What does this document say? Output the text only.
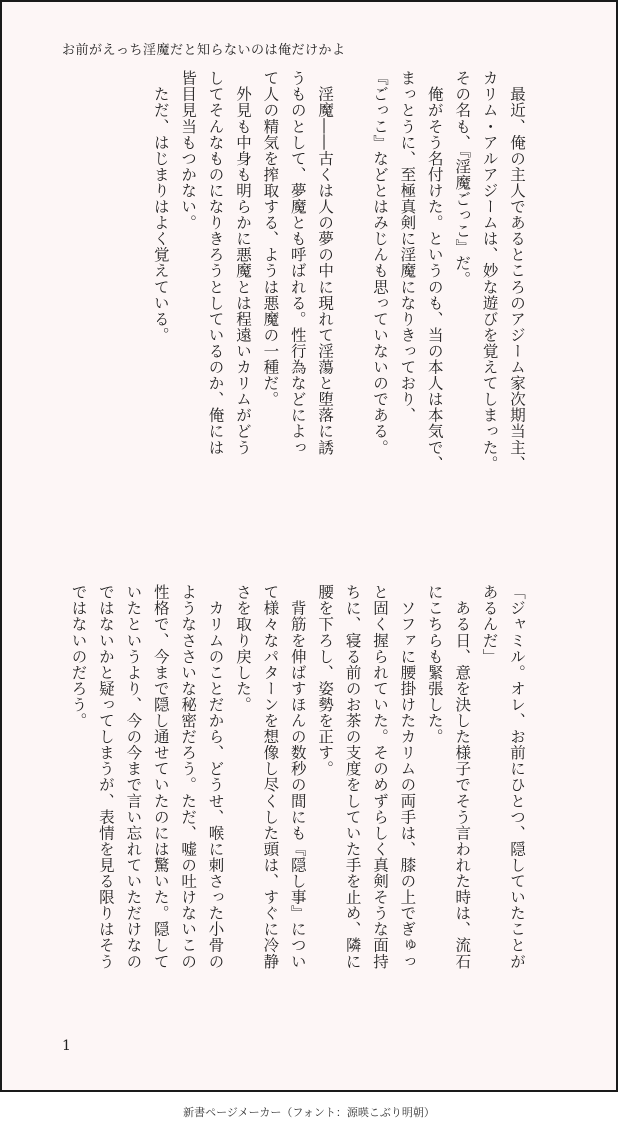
お前がえっち淫魔だと知らないのは俺だけかよ

　最近、俺の主人であるところのアジーム家次期当主、

カリム・アルアジームは、妙な遊びを覚えてしまった。

その名も、『淫魔ごっこ』だ。

　俺がそう名付けた。というのも、当の本人は本気で、

まっとうに、至極真剣に淫魔になりきっており、

『ごっこ』などとはみじんも思っていないのである。

　淫魔――古くは人の夢の中に現れて淫蕩と堕落に誘

うものとして、夢魔とも呼ばれる。性行為などによっ

て人の精気を搾取する、ようは悪魔の一種だ。

　外見も中身も明らかに悪魔とは程遠いカリムがどう

してそんなものになりきろうとしているのか、俺には

皆目見当もつかない。

　ただ、はじまりはよく覚えている。

「ジャミル。オレ、お前にひとつ、隠していたことが

あるんだ」

　ある日、意を決した様子でそう言われた時は、流石

にこちらも緊張した。

　ソファに腰掛けたカリムの両手は、膝の上でぎゅっ

と固く握られていた。そのめずらしく真剣そうな面持

ちに、寝る前のお茶の支度をしていた手を止め、隣に

腰を下ろし、姿勢を正す。

　背筋を伸ばすほんの数秒の間にも『隠し事』につい

て様々なパターンを想像し尽くした頭は、すぐに冷静

さを取り戻した。

　カリムのことだから、どうせ、喉に刺さった小骨の

ようなささいな秘密だろう。ただ、嘘の吐けないこの

性格で、今まで隠し通せていたのには驚いた。隠して

いたというより、今の今まで言い忘れていただけなの

ではないかと疑ってしまうが、表情を見る限りはそう

ではないのだろう。

1
新書ページメーカー（フォント：源暎こぶり明朝）
